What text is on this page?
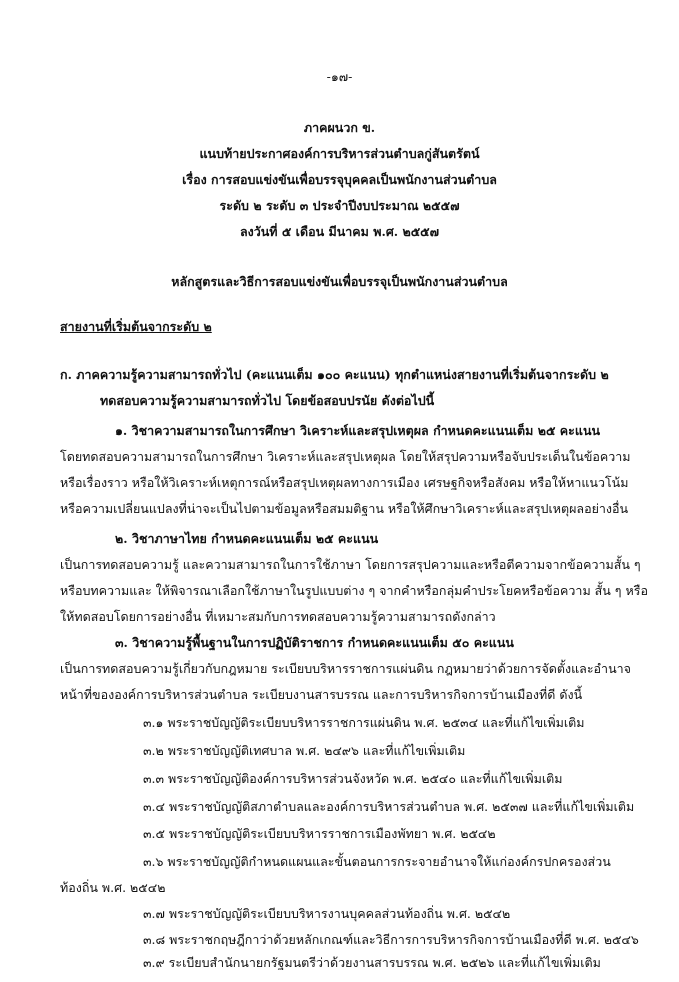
-๑๗-
ภาคผนวก ข.
แนบท้ายประกาศองค์การบริหารส่วนตำบลกู่สันตรัตน์
เรื่อง การสอบแข่งขันเพื่อบรรจุบุคคลเป็นพนักงานส่วนตำบล
ระดับ ๒ ระดับ ๓ ประจำปีงบประมาณ ๒๕๕๗
ลงวันที่ ๕ เดือน มีนาคม พ.ศ. ๒๕๕๗
หลักสูตรและวิธีการสอบแข่งขันเพื่อบรรจุเป็นพนักงานส่วนตำบล
สายงานที่เริ่มต้นจากระดับ ๒
ก. ภาคความรู้ความสามารถทั่วไป (คะแนนเต็ม ๑๐๐ คะแนน) ทุกตำแหน่งสายงานที่เริ่มต้นจากระดับ ๒
ทดสอบความรู้ความสามารถทั่วไป โดยข้อสอบปรนัย ดังต่อไปนี้
๑. วิชาความสามารถในการศึกษา วิเคราะห์และสรุปเหตุผล กำหนดคะแนนเต็ม ๒๕ คะแนน
โดยทดสอบความสามารถในการศึกษา วิเคราะห์และสรุปเหตุผล โดยให้สรุปความหรือจับประเด็นในข้อความ
หรือเรื่องราว หรือให้วิเคราะห์เหตุการณ์หรือสรุปเหตุผลทางการเมือง เศรษฐกิจหรือสังคม หรือให้หาแนวโน้ม
หรือความเปลี่ยนแปลงที่น่าจะเป็นไปตามข้อมูลหรือสมมติฐาน หรือให้ศึกษาวิเคราะห์และสรุปเหตุผลอย่างอื่น
๒. วิชาภาษาไทย กำหนดคะแนนเต็ม ๒๕ คะแนน
เป็นการทดสอบความรู้ และความสามารถในการใช้ภาษา โดยการสรุปความและหรือตีความจากข้อความสั้น ๆ
หรือบทความและ ให้พิจารณาเลือกใช้ภาษาในรูปแบบต่าง ๆ จากคำหรือกลุ่มคำประโยคหรือข้อความ สั้น ๆ หรือ
ให้ทดสอบโดยการอย่างอื่น ที่เหมาะสมกับการทดสอบความรู้ความสามารถดังกล่าว
๓. วิชาความรู้พื้นฐานในการปฏิบัติราชการ กำหนดคะแนนเต็ม ๕๐ คะแนน
เป็นการทดสอบความรู้เกี่ยวกับกฎหมาย ระเบียบบริหารราชการแผ่นดิน กฎหมายว่าด้วยการจัดตั้งและอำนาจ
หน้าที่ขององค์การบริหารส่วนตำบล ระเบียบงานสารบรรณ และการบริหารกิจการบ้านเมืองที่ดี ดังนี้
๓.๑ พระราชบัญญัติระเบียบบริหารราชการแผ่นดิน พ.ศ. ๒๕๓๔ และที่แก้ไขเพิ่มเติม
๓.๒ พระราชบัญญัติเทศบาล พ.ศ. ๒๔๙๖ และที่แก้ไขเพิ่มเติม
๓.๓ พระราชบัญญัติองค์การบริหารส่วนจังหวัด พ.ศ. ๒๕๔๐ และที่แก้ไขเพิ่มเติม
๓.๔ พระราชบัญญัติสภาตำบลและองค์การบริหารส่วนตำบล พ.ศ. ๒๕๓๗ และที่แก้ไขเพิ่มเติม
๓.๕ พระราชบัญญัติระเบียบบริหารราชการเมืองพัทยา พ.ศ. ๒๕๔๒
๓.๖ พระราชบัญญัติกำหนดแผนและขั้นตอนการกระจายอำนาจให้แก่องค์กรปกครองส่วน
ท้องถิ่น พ.ศ. ๒๕๔๒
๓.๗ พระราชบัญญัติระเบียบบริหารงานบุคคลส่วนท้องถิ่น พ.ศ. ๒๕๔๒
๓.๘ พระราชกฤษฎีกาว่าด้วยหลักเกณฑ์และวิธีการการบริหารกิจการบ้านเมืองที่ดี พ.ศ. ๒๕๔๖
๓.๙ ระเบียบสำนักนายกรัฐมนตรีว่าด้วยงานสารบรรณ พ.ศ. ๒๕๒๖ และที่แก้ไขเพิ่มเติม
